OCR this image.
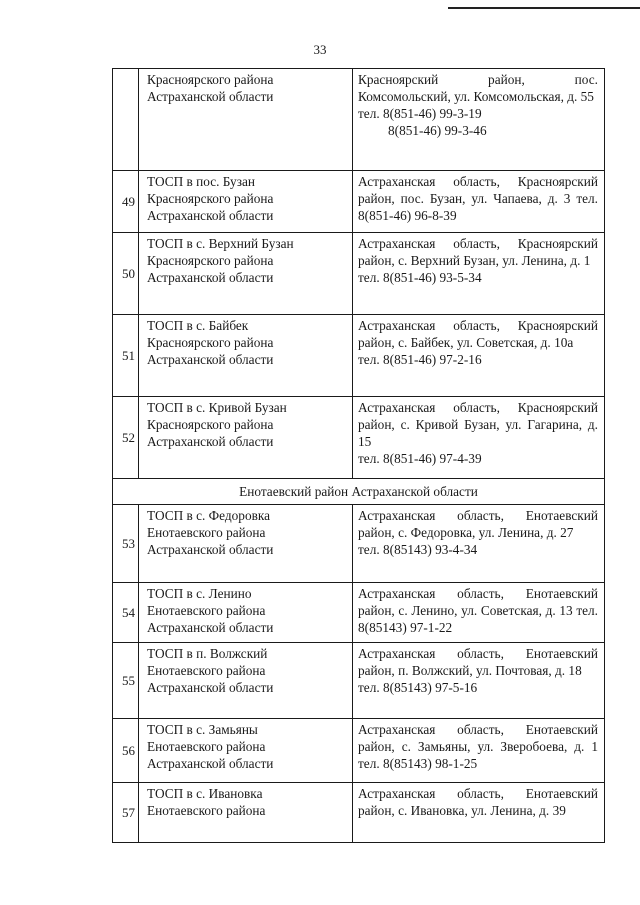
33

	Красноярского района
Астраханской области	Красноярский район, пос. Комсомольский, ул. Комсомольская, д. 55
тел. 8(851-46) 99-3-19
8(851-46) 99-3-46

49	ТОСП в пос. Бузан
Красноярского района
Астраханской области	Астраханская область, Красноярский район, пос. Бузан, ул. Чапаева, д. 3 тел. 8(851-46) 96-8-39

50	ТОСП в с. Верхний Бузан
Красноярского района
Астраханской области	Астраханская область, Красноярский район, с. Верхний Бузан, ул. Ленина, д. 1
тел. 8(851-46) 93-5-34

51	ТОСП в с. Байбек
Красноярского района
Астраханской области	Астраханская область, Красноярский район, с. Байбек, ул. Советская, д. 10а
тел. 8(851-46) 97-2-16

52	ТОСП в с. Кривой Бузан
Красноярского района
Астраханской области	Астраханская область, Красноярский район, с. Кривой Бузан, ул. Гагарина, д. 15
тел. 8(851-46) 97-4-39

Енотаевский район Астраханской области		
53	ТОСП в с. Федоровка
Енотаевского района
Астраханской области	Астраханская область, Енотаевский район, с. Федоровка, ул. Ленина, д. 27
тел. 8(85143) 93-4-34

54	ТОСП в с. Ленино
Енотаевского района
Астраханской области	Астраханская область, Енотаевский район, с. Ленино, ул. Советская, д. 13 тел. 8(85143) 97-1-22

55	ТОСП в п. Волжский
Енотаевского района
Астраханской области	Астраханская область, Енотаевский район, п. Волжский, ул. Почтовая, д. 18
тел. 8(85143) 97-5-16

56	ТОСП в с. Замьяны
Енотаевского района
Астраханской области	Астраханская область, Енотаевский район, с. Замьяны, ул. Зверобоева, д. 1 тел. 8(85143) 98-1-25

57	ТОСП в с. Ивановка
Енотаевского района	Астраханская область, Енотаевский район, с. Ивановка, ул. Ленина, д. 39
